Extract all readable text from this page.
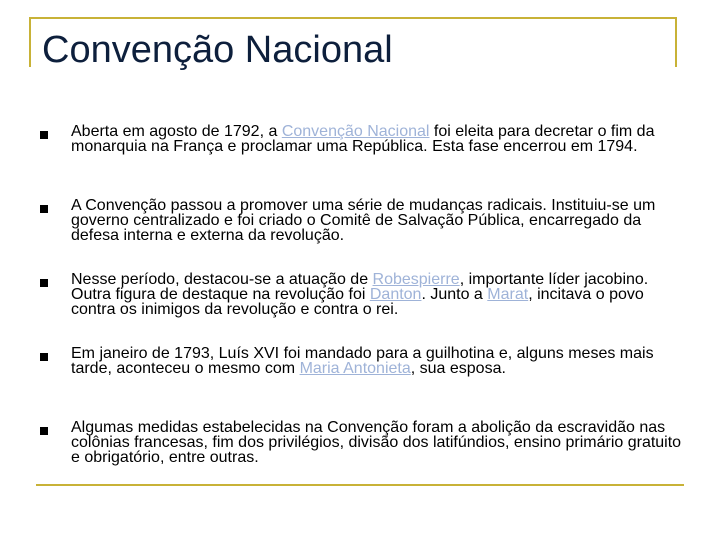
Convenção Nacional
Aberta em agosto de 1792, a Convenção Nacional foi eleita para decretar o fim da monarquia na França e proclamar uma República. Esta fase encerrou em 1794.
A Convenção passou a promover uma série de mudanças radicais. Instituiu-se um governo centralizado e foi criado o Comitê de Salvação Pública, encarregado da defesa interna e externa da revolução.
Nesse período, destacou-se a atuação de Robespierre, importante líder jacobino. Outra figura de destaque na revolução foi Danton. Junto a Marat, incitava o povo contra os inimigos da revolução e contra o rei.
Em janeiro de 1793, Luís XVI foi mandado para a guilhotina e, alguns meses mais tarde, aconteceu o mesmo com Maria Antonieta, sua esposa.
Algumas medidas estabelecidas na Convenção foram a abolição da escravidão nas colônias francesas, fim dos privilégios, divisão dos latifúndios, ensino primário gratuito e obrigatório, entre outras.
